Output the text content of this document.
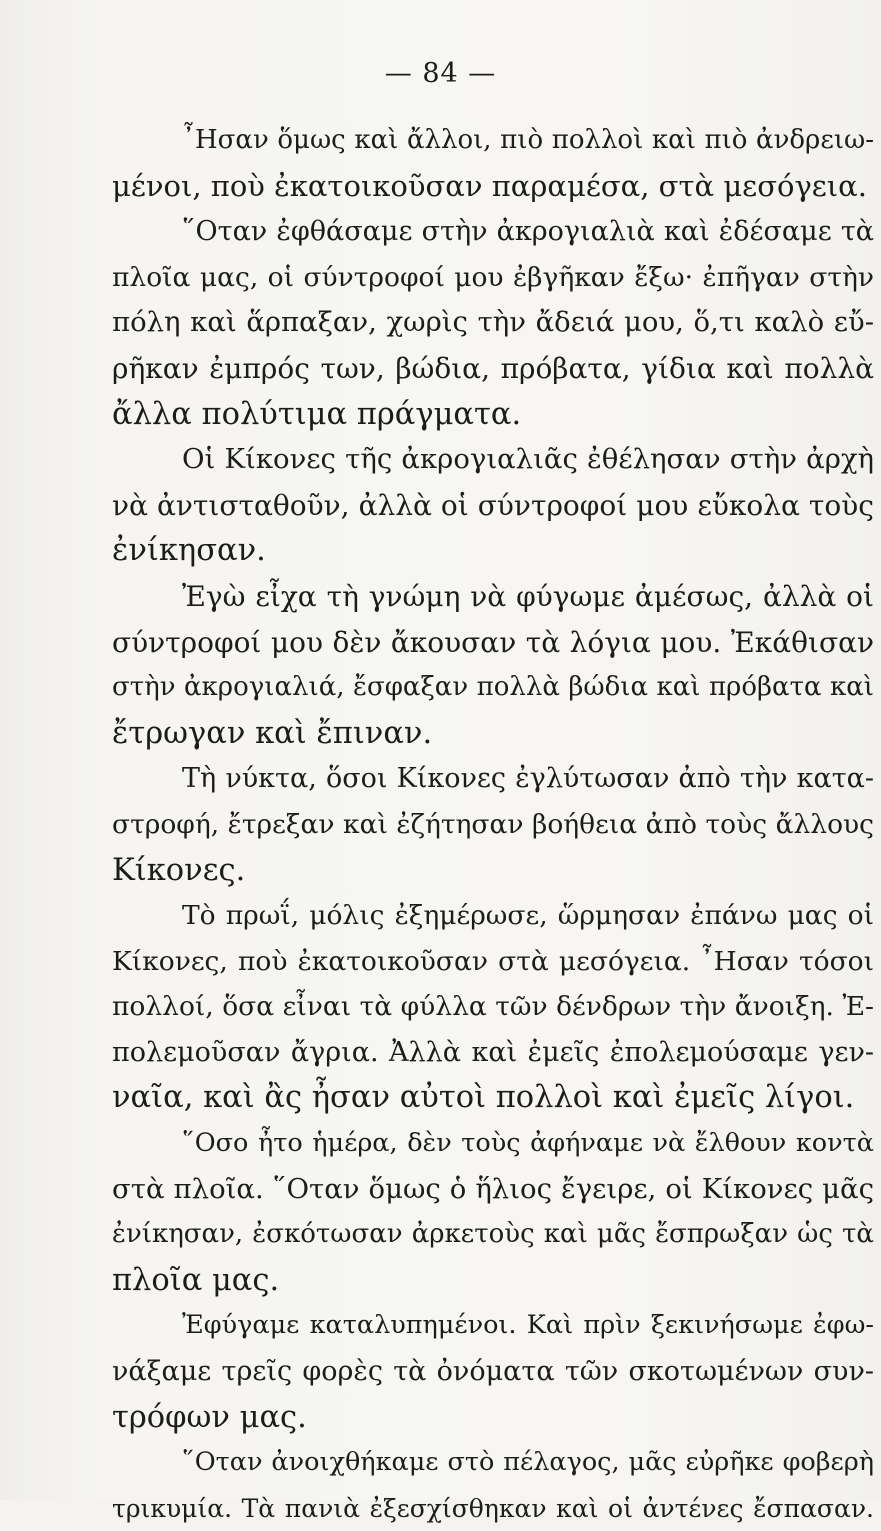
— 84 —
῏Ησαν ὅμως καὶ ἄλλοι, πιὸ πολλοὶ καὶ πιὸ ἀνδρειω-
μένοι, ποὺ ἐκατοικοῦσαν παραμέσα, στὰ μεσόγεια.
῞Οταν ἐφθάσαμε στὴν ἀκρογιαλιὰ καὶ ἐδέσαμε τὰ
πλοῖα μας, οἱ σύντροφοί μου ἐβγῆκαν ἔξω· ἐπῆγαν στὴν
πόλη καὶ ἅρπαξαν, χωρὶς τὴν ἄδειά μου, ὅ,τι καλὸ εὔ-
ρῆκαν ἐμπρός των, βώδια, πρόβατα, γίδια καὶ πολλὰ
ἄλλα πολύτιμα πράγματα.
Οἱ Κίκονες τῆς ἀκρογιαλιᾶς ἐθέλησαν στὴν ἀρχὴ
νὰ ἀντισταθοῦν, ἀλλὰ οἱ σύντροφοί μου εὔκολα τοὺς
ἐνίκησαν.
Ἐγὼ εἶχα τὴ γνώμη νὰ φύγωμε ἀμέσως, ἀλλὰ οἱ
σύντροφοί μου δὲν ἄκουσαν τὰ λόγια μου. Ἐκάθισαν
στὴν ἀκρογιαλιά, ἔσφαξαν πολλὰ βώδια καὶ πρόβατα καὶ
ἔτρωγαν καὶ ἔπιναν.
Τὴ νύκτα, ὅσοι Κίκονες ἐγλύτωσαν ἀπὸ τὴν κατα-
στροφή, ἔτρεξαν καὶ ἐζήτησαν βοήθεια ἀπὸ τοὺς ἄλλους
Κίκονες.
Τὸ πρωΐ, μόλις ἐξημέρωσε, ὥρμησαν ἐπάνω μας οἱ
Κίκονες, ποὺ ἐκατοικοῦσαν στὰ μεσόγεια. ῏Ησαν τόσοι
πολλοί, ὅσα εἶναι τὰ φύλλα τῶν δένδρων τὴν ἄνοιξη. Ἐ-
πολεμοῦσαν ἄγρια. Ἀλλὰ καὶ ἐμεῖς ἐπολεμούσαμε γεν-
ναῖα, καὶ ἂς ἦσαν αὐτοὶ πολλοὶ καὶ ἐμεῖς λίγοι.
῞Οσο ἦτο ἡμέρα, δὲν τοὺς ἀφήναμε νὰ ἔλθουν κοντὰ
στὰ πλοῖα. ῞Οταν ὅμως ὁ ἥλιος ἔγειρε, οἱ Κίκονες μᾶς
ἐνίκησαν, ἐσκότωσαν ἀρκετοὺς καὶ μᾶς ἔσπρωξαν ὡς τὰ
πλοῖα μας.
Ἐφύγαμε καταλυπημένοι. Καὶ πρὶν ξεκινήσωμε ἐφω-
νάξαμε τρεῖς φορὲς τὰ ὀνόματα τῶν σκοτωμένων συν-
τρόφων μας.
῞Οταν ἀνοιχθήκαμε στὸ πέλαγος, μᾶς εὐρῆκε φοβερὴ
τρικυμία. Τὰ πανιὰ ἐξεσχίσθηκαν καὶ οἱ ἀντένες ἔσπασαν.
